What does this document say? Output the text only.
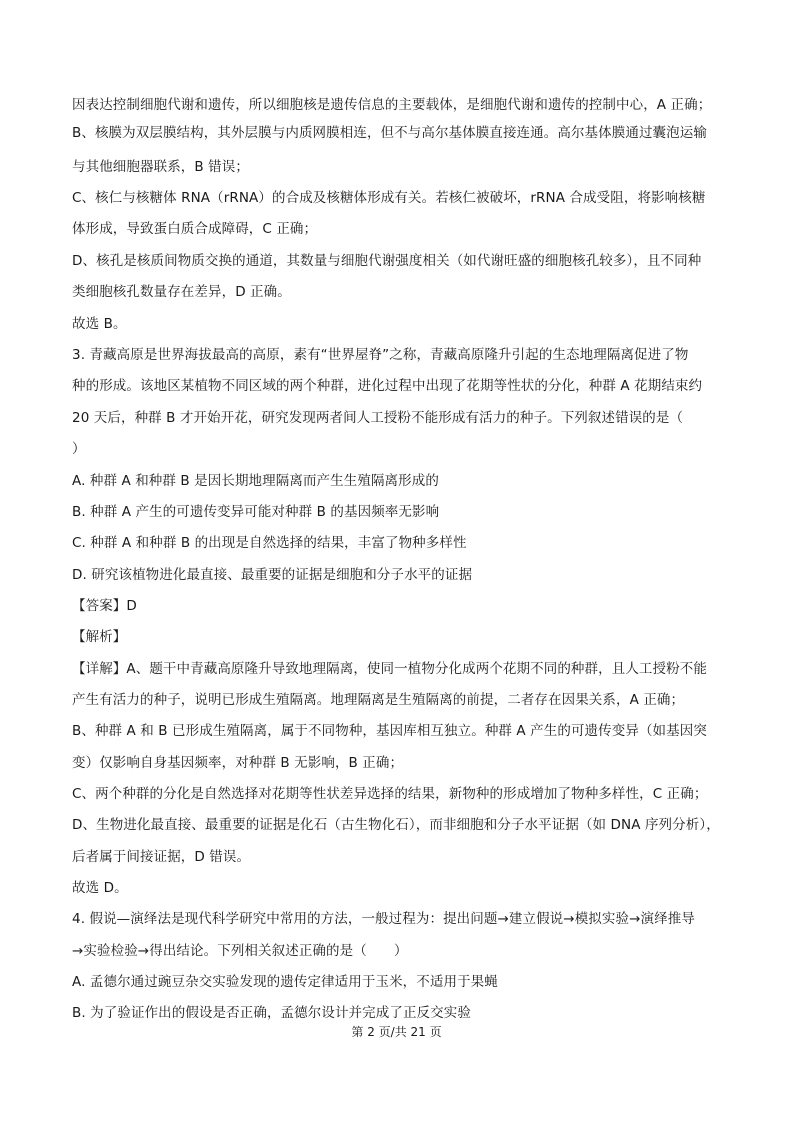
因表达控制细胞代谢和遗传，所以细胞核是遗传信息的主要载体，是细胞代谢和遗传的控制中心，A 正确；
B、核膜为双层膜结构，其外层膜与内质网膜相连，但不与高尔基体膜直接连通。高尔基体膜通过囊泡运输
与其他细胞器联系，B 错误；
C、核仁与核糖体 RNA（rRNA）的合成及核糖体形成有关。若核仁被破坏，rRNA 合成受阻，将影响核糖
体形成，导致蛋白质合成障碍，C 正确；
D、核孔是核质间物质交换的通道，其数量与细胞代谢强度相关（如代谢旺盛的细胞核孔较多），且不同种
类细胞核孔数量存在差异，D 正确。
故选 B。
3. 青藏高原是世界海拔最高的高原，素有“世界屋脊”之称，青藏高原隆升引起的生态地理隔离促进了物
种的形成。该地区某植物不同区域的两个种群，进化过程中出现了花期等性状的分化，种群 A 花期结束约
20 天后，种群 B 才开始开花，研究发现两者间人工授粉不能形成有活力的种子。下列叙述错误的是（
）
A. 种群 A 和种群 B 是因长期地理隔离而产生生殖隔离形成的
B. 种群 A 产生的可遗传变异可能对种群 B 的基因频率无影响
C. 种群 A 和种群 B 的出现是自然选择的结果，丰富了物种多样性
D. 研究该植物进化最直接、最重要的证据是细胞和分子水平的证据
【答案】D
【解析】
【详解】A、题干中青藏高原隆升导致地理隔离，使同一植物分化成两个花期不同的种群，且人工授粉不能
产生有活力的种子，说明已形成生殖隔离。地理隔离是生殖隔离的前提，二者存在因果关系，A 正确；
B、种群 A 和 B 已形成生殖隔离，属于不同物种，基因库相互独立。种群 A 产生的可遗传变异（如基因突
变）仅影响自身基因频率，对种群 B 无影响，B 正确；
C、两个种群的分化是自然选择对花期等性状差异选择的结果，新物种的形成增加了物种多样性，C 正确；
D、生物进化最直接、最重要的证据是化石（古生物化石），而非细胞和分子水平证据（如 DNA 序列分析），
后者属于间接证据，D 错误。
故选 D。
4. 假说—演绎法是现代科学研究中常用的方法，一般过程为：提出问题→建立假说→模拟实验→演绎推导
→实验检验→得出结论。下列相关叙述正确的是（　　）
A. 孟德尔通过豌豆杂交实验发现的遗传定律适用于玉米，不适用于果蝇
B. 为了验证作出的假设是否正确，孟德尔设计并完成了正反交实验
第 2 页/共 21 页
